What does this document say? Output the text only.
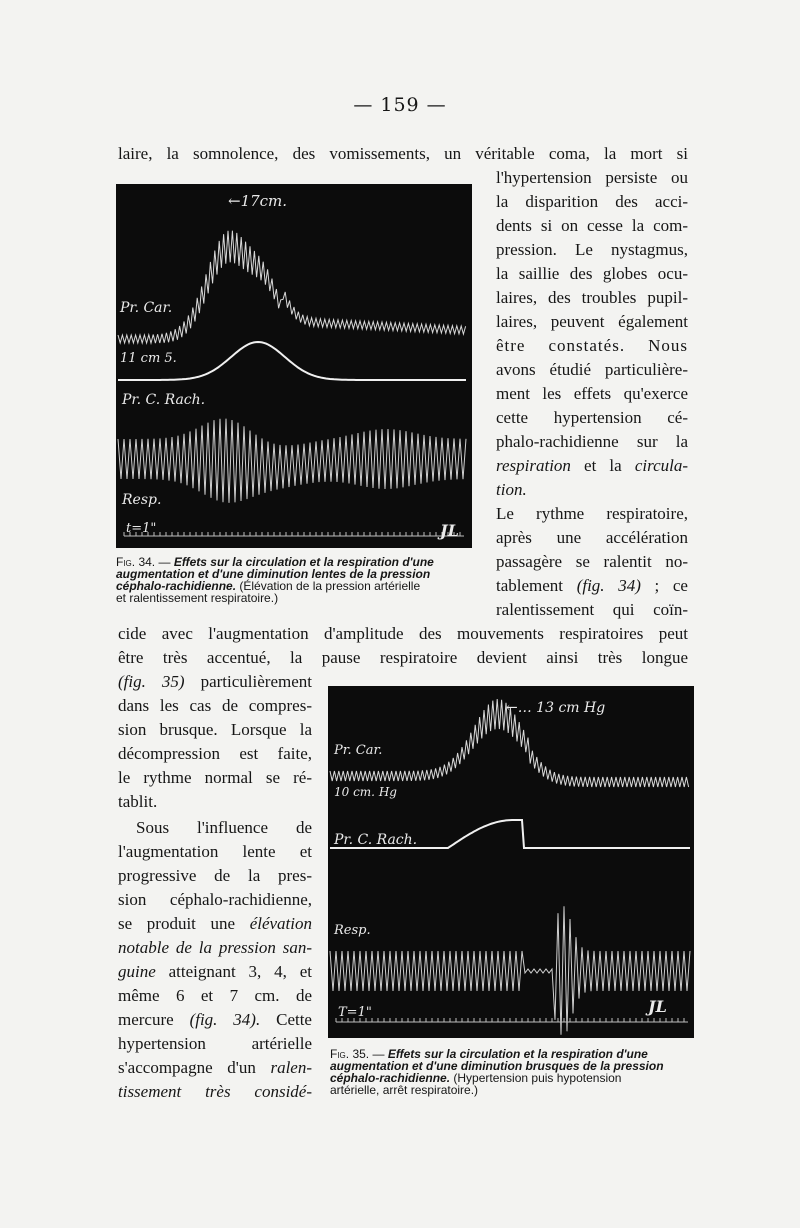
— 159 —
laire, la somnolence, des vomissements, un véritable coma, la mort si
l'hypertension persiste ou
la disparition des acci-
dents si on cesse la com-
pression. Le nystagmus,
la saillie des globes ocu-
laires, des troubles pupil-
laires, peuvent également
être constatés. Nous
avons étudié particulière-
ment les effets qu'exerce
cette hypertension cé-
phalo-rachidienne sur la
respiration et la circula-
tion.
Le rythme respiratoire,
après une accélération
passagère se ralentit no-
tablement (fig. 34) ; ce
ralentissement qui coïn-
cide avec l'augmentation d'amplitude des mouvements respiratoires peut
être très accentué, la pause respiratoire devient ainsi très longue
(fig. 35) particulièrement
dans les cas de compres-
sion brusque. Lorsque la
décompression est faite,
le rythme normal se ré-
tablit.
Sous l'influence de
l'augmentation lente et
progressive de la pres-
sion céphalo-rachidienne,
se produit une élévation
notable de la pression san-
guine atteignant 3, 4, et
même 6 et 7 cm. de
mercure (fig. 34). Cette
hypertension artérielle
s'accompagne d'un ralen-
tissement très considé-
←17cm.
Pr. Car.
11 cm 5.
Pr. C. Rach.
Resp.
t=1"	JL
Fig. 34. — Effets sur la circulation et la respiration d'une
augmentation et d'une diminution lentes de la pression
céphalo-rachidienne. (Élévation de la pression artérielle
et ralentissement respiratoire.)
←… 13 cm Hg
Pr. Car.
10 cm. Hg
Pr. C. Rach.
Resp.
T=1"	JL
Fig. 35. — Effets sur la circulation et la respiration d'une
augmentation et d'une diminution brusques de la pression
céphalo-rachidienne. (Hypertension puis hypotension
artérielle, arrêt respiratoire.)
